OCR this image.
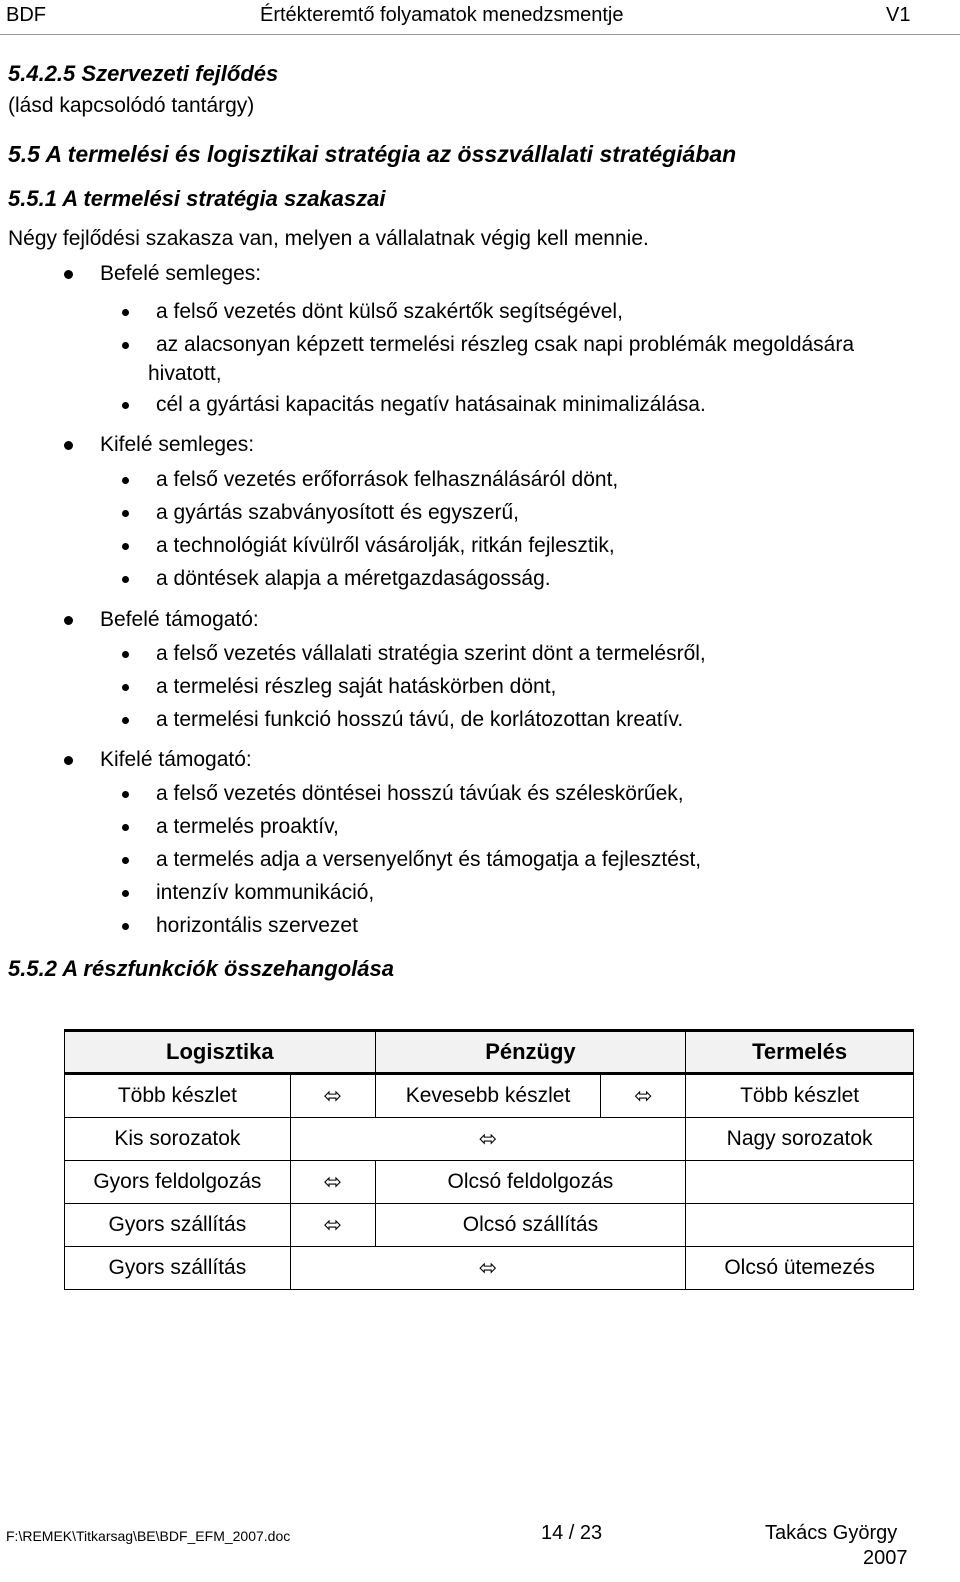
BDF	Értékteremtő folyamatok menedzsmentje	V1
5.4.2.5 Szervezeti fejlődés
(lásd kapcsolódó tantárgy)
5.5 A termelési és logisztikai stratégia az összvállalati stratégiában
5.5.1 A termelési stratégia szakaszai
Négy fejlődési szakasza van, melyen a vállalatnak végig kell mennie.
Befelé semleges:
a felső vezetés dönt külső szakértők segítségével,
az alacsonyan képzett termelési részleg csak napi problémák megoldására
hivatott,
cél a gyártási kapacitás negatív hatásainak minimalizálása.
Kifelé semleges:
a felső vezetés erőforrások felhasználásáról dönt,
a gyártás szabványosított és egyszerű,
a technológiát kívülről vásárolják, ritkán fejlesztik,
a döntések alapja a méretgazdaságosság.
Befelé támogató:
a felső vezetés vállalati stratégia szerint dönt a termelésről,
a termelési részleg saját hatáskörben dönt,
a termelési funkció hosszú távú, de korlátozottan kreatív.
Kifelé támogató:
a felső vezetés döntései hosszú távúak és széleskörűek,
a termelés proaktív,
a termelés adja a versenyelőnyt és támogatja a fejlesztést,
intenzív kommunikáció,
horizontális szervezet
5.5.2 A részfunkciók összehangolása
Logisztika		Pénzügy		Termelés
Több készlet	⬄	Kevesebb készlet	⬄	Több készlet
Kis sorozatok	⬄			Nagy sorozatok
Gyors feldolgozás	⬄	Olcsó feldolgozás		
Gyors szállítás	⬄	Olcsó szállítás		
Gyors szállítás	⬄			Olcsó ütemezés
F:\REMEK\Titkarsag\BE\BDF_EFM_2007.doc	14 / 23	Takács György
2007
